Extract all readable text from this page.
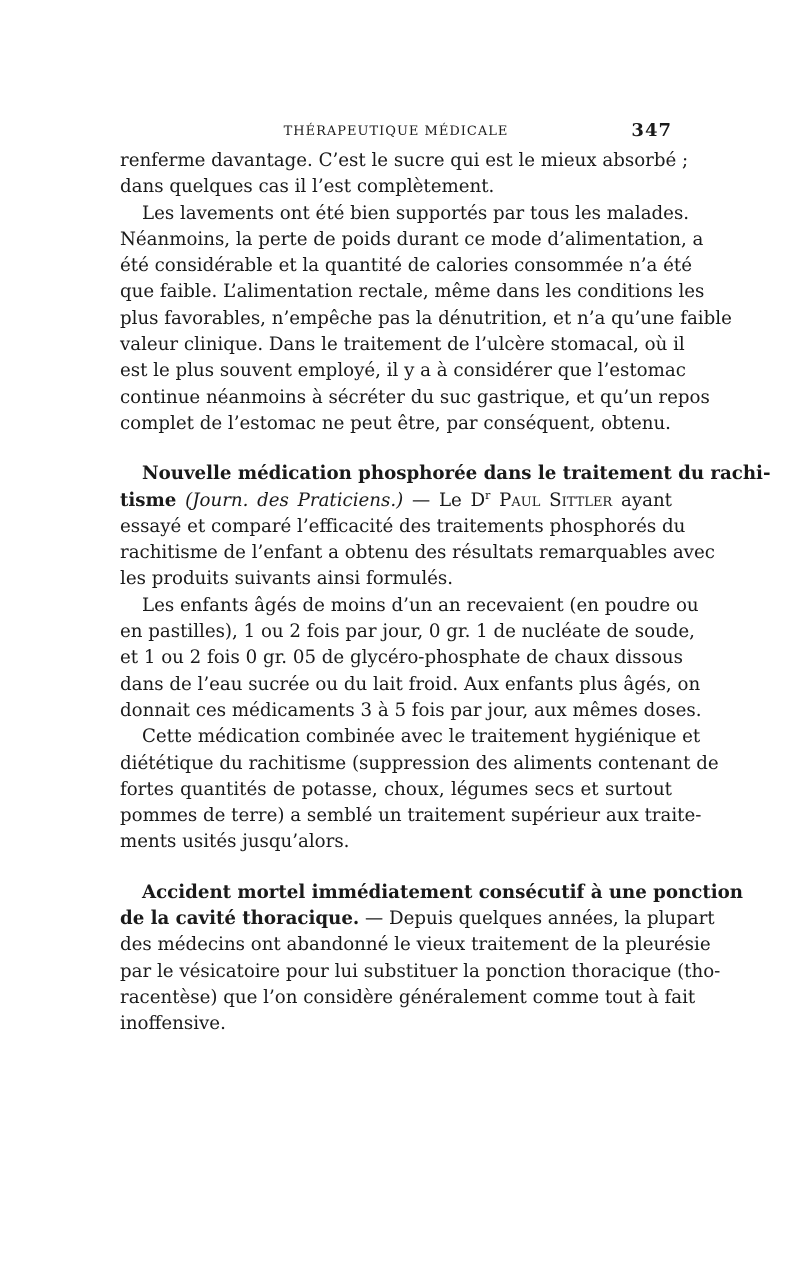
THÉRAPEUTIQUE MÉDICALE	347
renferme davantage. C’est le sucre qui est le mieux absorbé ;
dans quelques cas il l’est complètement.
Les lavements ont été bien supportés par tous les malades.
Néanmoins, la perte de poids durant ce mode d’alimentation, a
été considérable et la quantité de calories consommée n’a été
que faible. L’alimentation rectale, même dans les conditions les
plus favorables, n’empêche pas la dénutrition, et n’a qu’une faible
valeur clinique. Dans le traitement de l’ulcère stomacal, où il
est le plus souvent employé, il y a à considérer que l’estomac
continue néanmoins à sécréter du suc gastrique, et qu’un repos
complet de l’estomac ne peut être, par conséquent, obtenu.
Nouvelle médication phosphorée dans le traitement du rachi-
tisme (Journ. des Praticiens.) — Le $D^r$ Paul Sittler ayant
essayé et comparé l’efficacité des traitements phosphorés du
rachitisme de l’enfant a obtenu des résultats remarquables avec
les produits suivants ainsi formulés.
Les enfants âgés de moins d’un an recevaient (en poudre ou
en pastilles), 1 ou 2 fois par jour, 0 gr. 1 de nucléate de soude,
et 1 ou 2 fois 0 gr. 05 de glycéro-phosphate de chaux dissous
dans de l’eau sucrée ou du lait froid. Aux enfants plus âgés, on
donnait ces médicaments 3 à 5 fois par jour, aux mêmes doses.
Cette médication combinée avec le traitement hygiénique et
diététique du rachitisme (suppression des aliments contenant de
fortes quantités de potasse, choux, légumes secs et surtout
pommes de terre) a semblé un traitement supérieur aux traite-
ments usités jusqu’alors.
Accident mortel immédiatement consécutif à une ponction
de la cavité thoracique. — Depuis quelques années, la plupart
des médecins ont abandonné le vieux traitement de la pleurésie
par le vésicatoire pour lui substituer la ponction thoracique (tho-
racentèse) que l’on considère généralement comme tout à fait
inoffensive.
